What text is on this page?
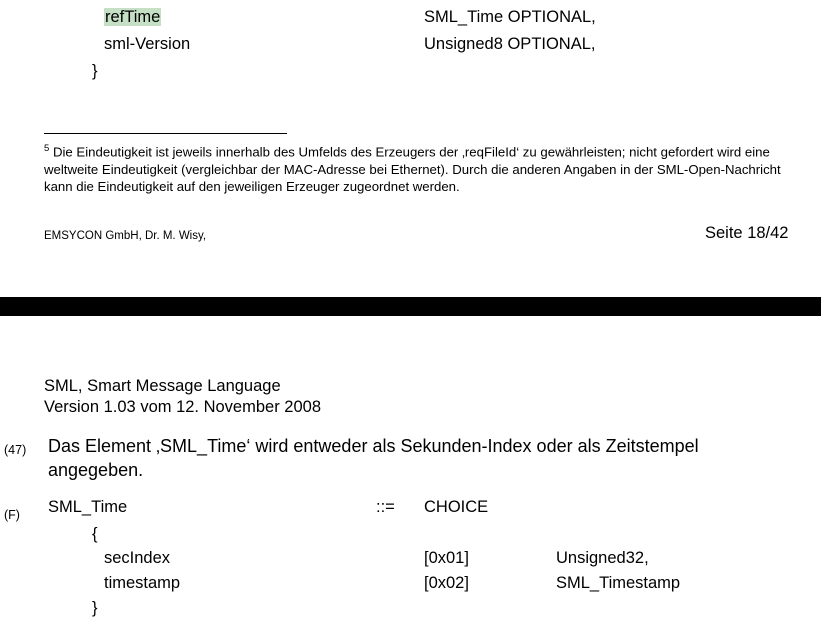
refTime	SML_Time OPTIONAL,
sml-Version	Unsigned8 OPTIONAL,
}
$^5$ Die Eindeutigkeit ist jeweils innerhalb des Umfelds des Erzeugers der ‚reqFileId‘ zu gewährleisten; nicht gefordert wird eine weltweite Eindeutigkeit (vergleichbar der MAC-Adresse bei Ethernet). Durch die anderen Angaben in der SML-Open-Nachricht kann die Eindeutigkeit auf den jeweiligen Erzeuger zugeordnet werden.
EMSYCON GmbH, Dr. M. Wisy,	Seite 18/42
SML, Smart Message Language
Version 1.03 vom 12. November 2008
(47) Das Element ‚SML_Time‘ wird entweder als Sekunden-Index oder als Zeitstempel angegeben.
(F) SML_Time	::= CHOICE
{
secIndex	[0x01]	Unsigned32,
timestamp	[0x02]	SML_Timestamp
}
